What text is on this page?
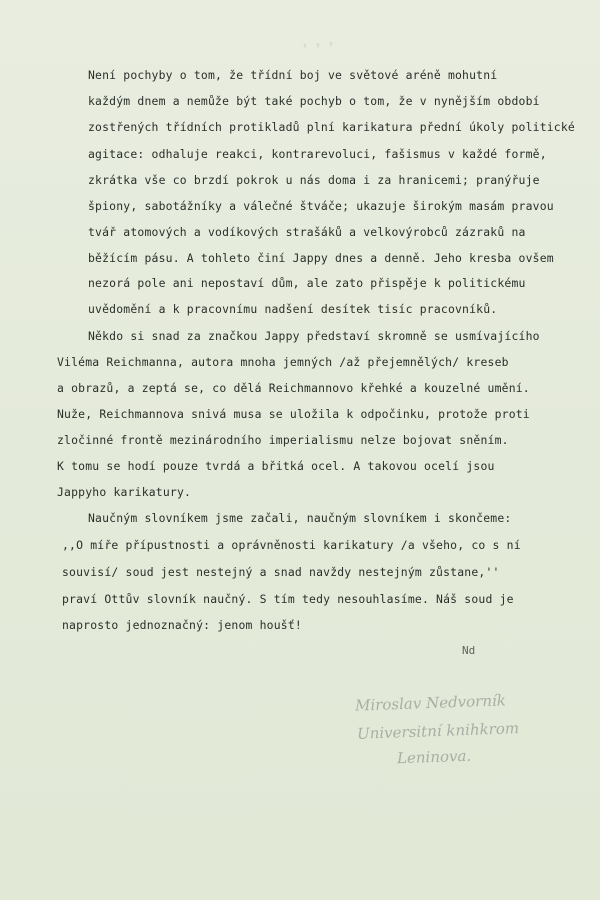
᾿᾿᾿
Není pochyby o tom, že třídní boj ve světové aréně mohutní
každým dnem a nemůže být také pochyb o tom, že v nynějším období
zostřených třídních protikladů plní karikatura přední úkoly politické
agitace: odhaluje reakci, kontrarevoluci, fašismus v každé formě,
zkrátka vše co brzdí pokrok u nás doma i za hranicemi; pranýřuje
špiony, sabotážníky a válečné štváče; ukazuje širokým masám pravou
tvář atomových a vodíkových strašáků a velkovýrobců zázraků na
běžícím pásu. A tohleto činí Jappy dnes a denně. Jeho kresba ovšem
nezorá pole ani nepostaví dům, ale zato přispěje k politickému
uvědomění a k pracovnímu nadšení desítek tisíc pracovníků.
Někdo si snad za značkou Jappy představí skromně se usmívajícího
Viléma Reichmanna, autora mnoha jemných /až přejemnělých/ kreseb
a obrazů, a zeptá se, co dělá Reichmannovo křehké a kouzelné umění.
Nuže, Reichmannova snivá musa se uložila k odpočinku, protože proti
zločinné frontě mezinárodního imperialismu nelze bojovat sněním.
K tomu se hodí pouze tvrdá a břitká ocel. A takovou ocelí jsou
Jappyho karikatury.
Naučným slovníkem jsme začali, naučným slovníkem i skončeme:
,,O míře přípustnosti a oprávněnosti karikatury /a všeho, co s ní
souvisí/ soud jest nestejný a snad navždy nestejným zůstane,''
praví Ottův slovník naučný. S tím tedy nesouhlasíme. Náš soud je
naprosto jednoznačný: jenom houšť!
Nd
Miroslav Nedvorník
Universitní knihkrom
Leninova.
